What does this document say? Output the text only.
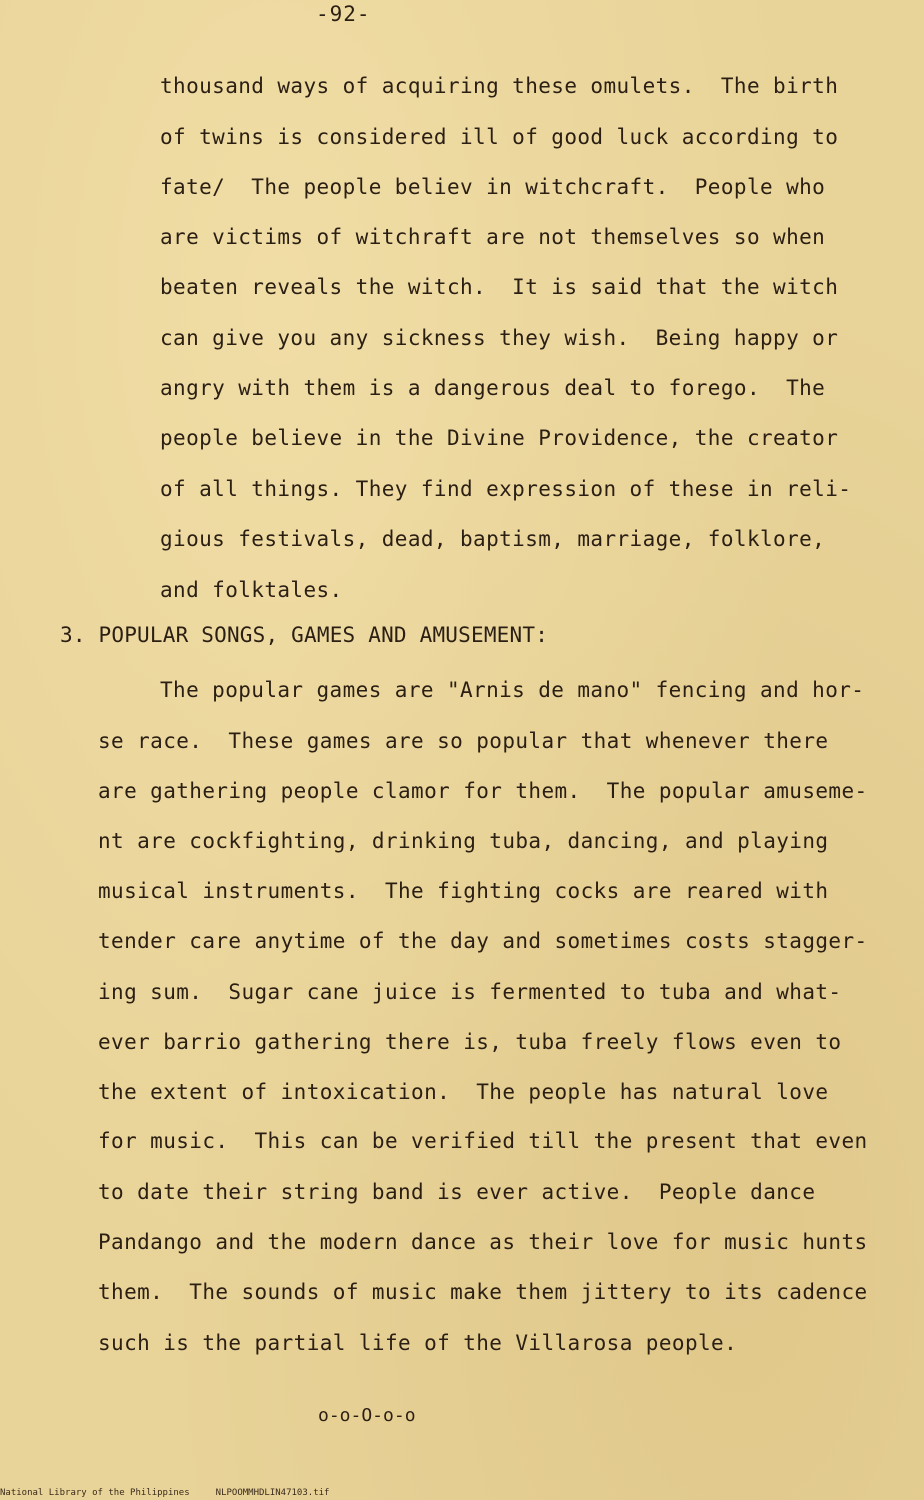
-92-
thousand ways of acquiring these omulets.  The birth
of twins is considered ill of good luck according to
fate/  The people believ in witchcraft.  People who
are victims of witchraft are not themselves so when
beaten reveals the witch.  It is said that the witch
can give you any sickness they wish.  Being happy or
angry with them is a dangerous deal to forego.  The
people believe in the Divine Providence, the creator
of all things. They find expression of these in reli-
gious festivals, dead, baptism, marriage, folklore,
and folktales.
3. POPULAR SONGS, GAMES AND AMUSEMENT:
The popular games are "Arnis de mano" fencing and hor-
se race.  These games are so popular that whenever there
are gathering people clamor for them.  The popular amuseme-
nt are cockfighting, drinking tuba, dancing, and playing
musical instruments.  The fighting cocks are reared with
tender care anytime of the day and sometimes costs stagger-
ing sum.  Sugar cane juice is fermented to tuba and what-
ever barrio gathering there is, tuba freely flows even to
the extent of intoxication.  The people has natural love
for music.  This can be verified till the present that even
to date their string band is ever active.  People dance
Pandango and the modern dance as their love for music hunts
them.  The sounds of music make them jittery to its cadence
such is the partial life of the Villarosa people.
o-o-O-o-o
National Library of the Philippines	NLPOOMMHDLIN47103.tif
